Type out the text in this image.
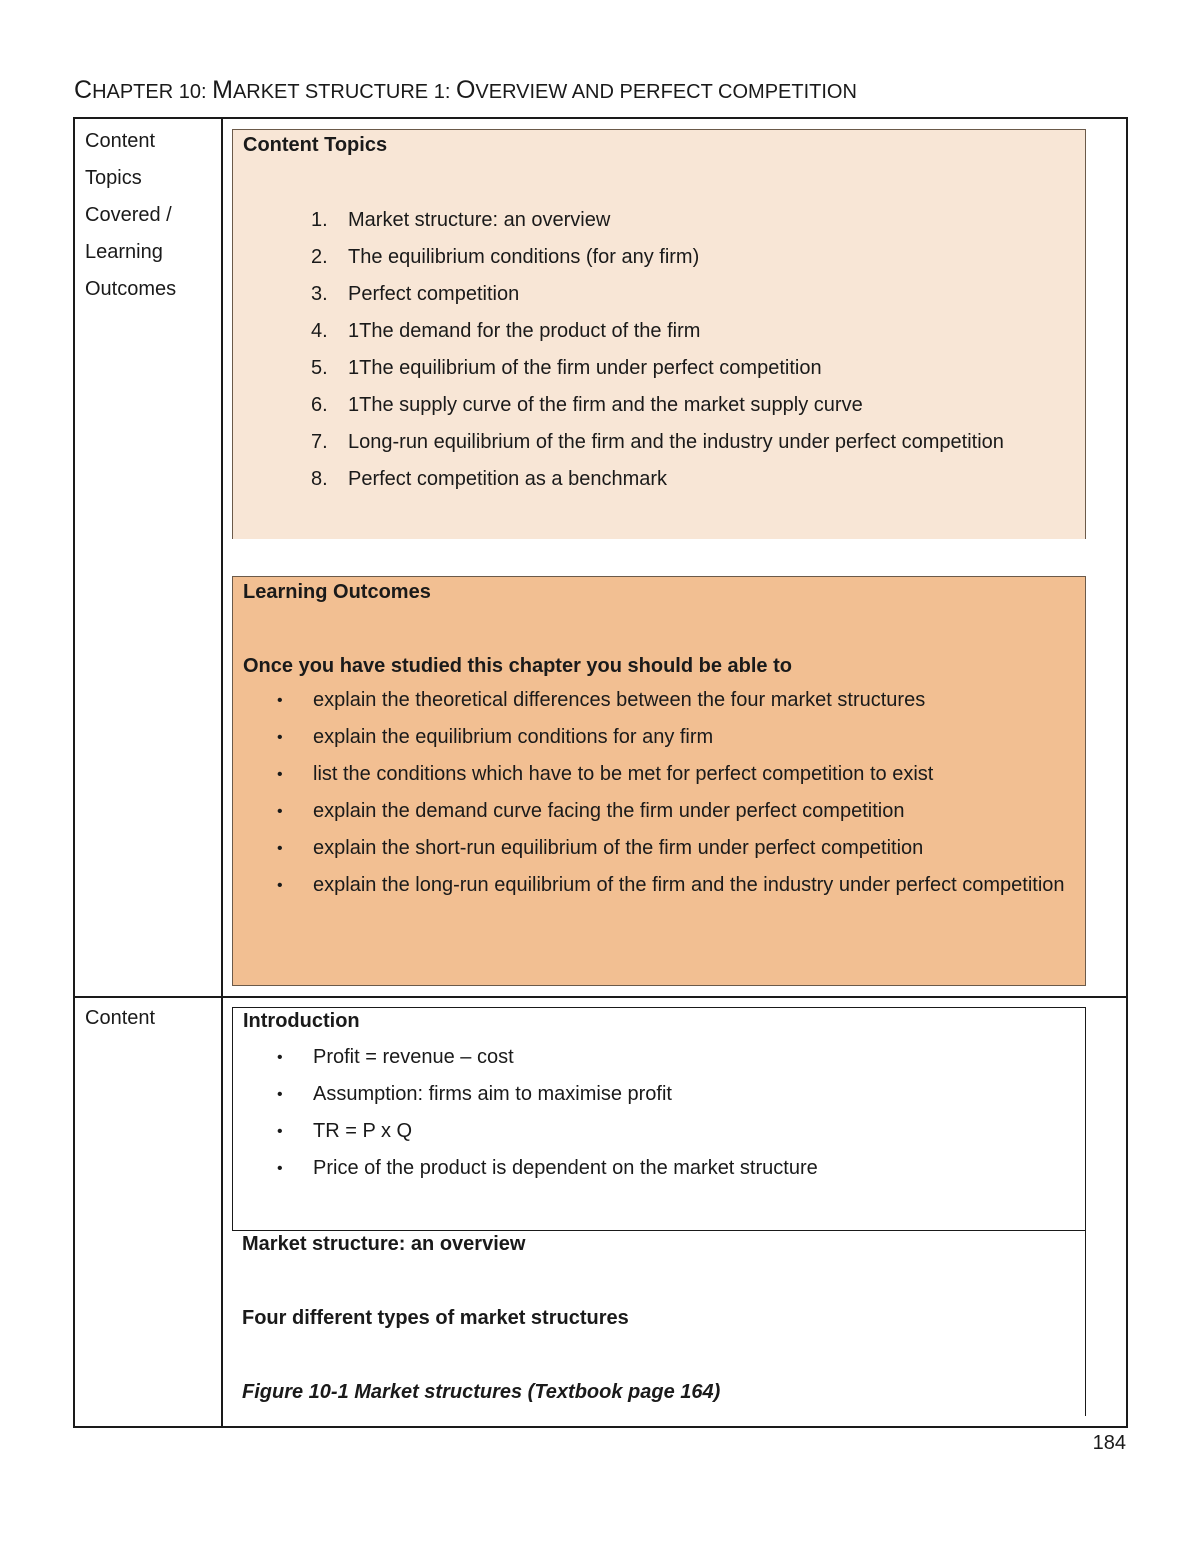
CHAPTER 10: MARKET STRUCTURE 1: OVERVIEW AND PERFECT COMPETITION
Content
Topics
Covered /
Learning
Outcomes
Content Topics
1. Market structure: an overview
2. The equilibrium conditions (for any firm)
3. Perfect competition
4. 1The demand for the product of the firm
5. 1The equilibrium of the firm under perfect competition
6. 1The supply curve of the firm and the market supply curve
7. Long-run equilibrium of the firm and the industry under perfect competition
8. Perfect competition as a benchmark
Learning Outcomes
Once you have studied this chapter you should be able to
• explain the theoretical differences between the four market structures
• explain the equilibrium conditions for any firm
• list the conditions which have to be met for perfect competition to exist
• explain the demand curve facing the firm under perfect competition
• explain the short-run equilibrium of the firm under perfect competition
• explain the long-run equilibrium of the firm and the industry under perfect competition
Content	Introduction
• Profit = revenue – cost
• Assumption: firms aim to maximise profit
• TR = P x Q
• Price of the product is dependent on the market structure
Market structure: an overview
Four different types of market structures
Figure 10-1 Market structures (Textbook page 164)
184
